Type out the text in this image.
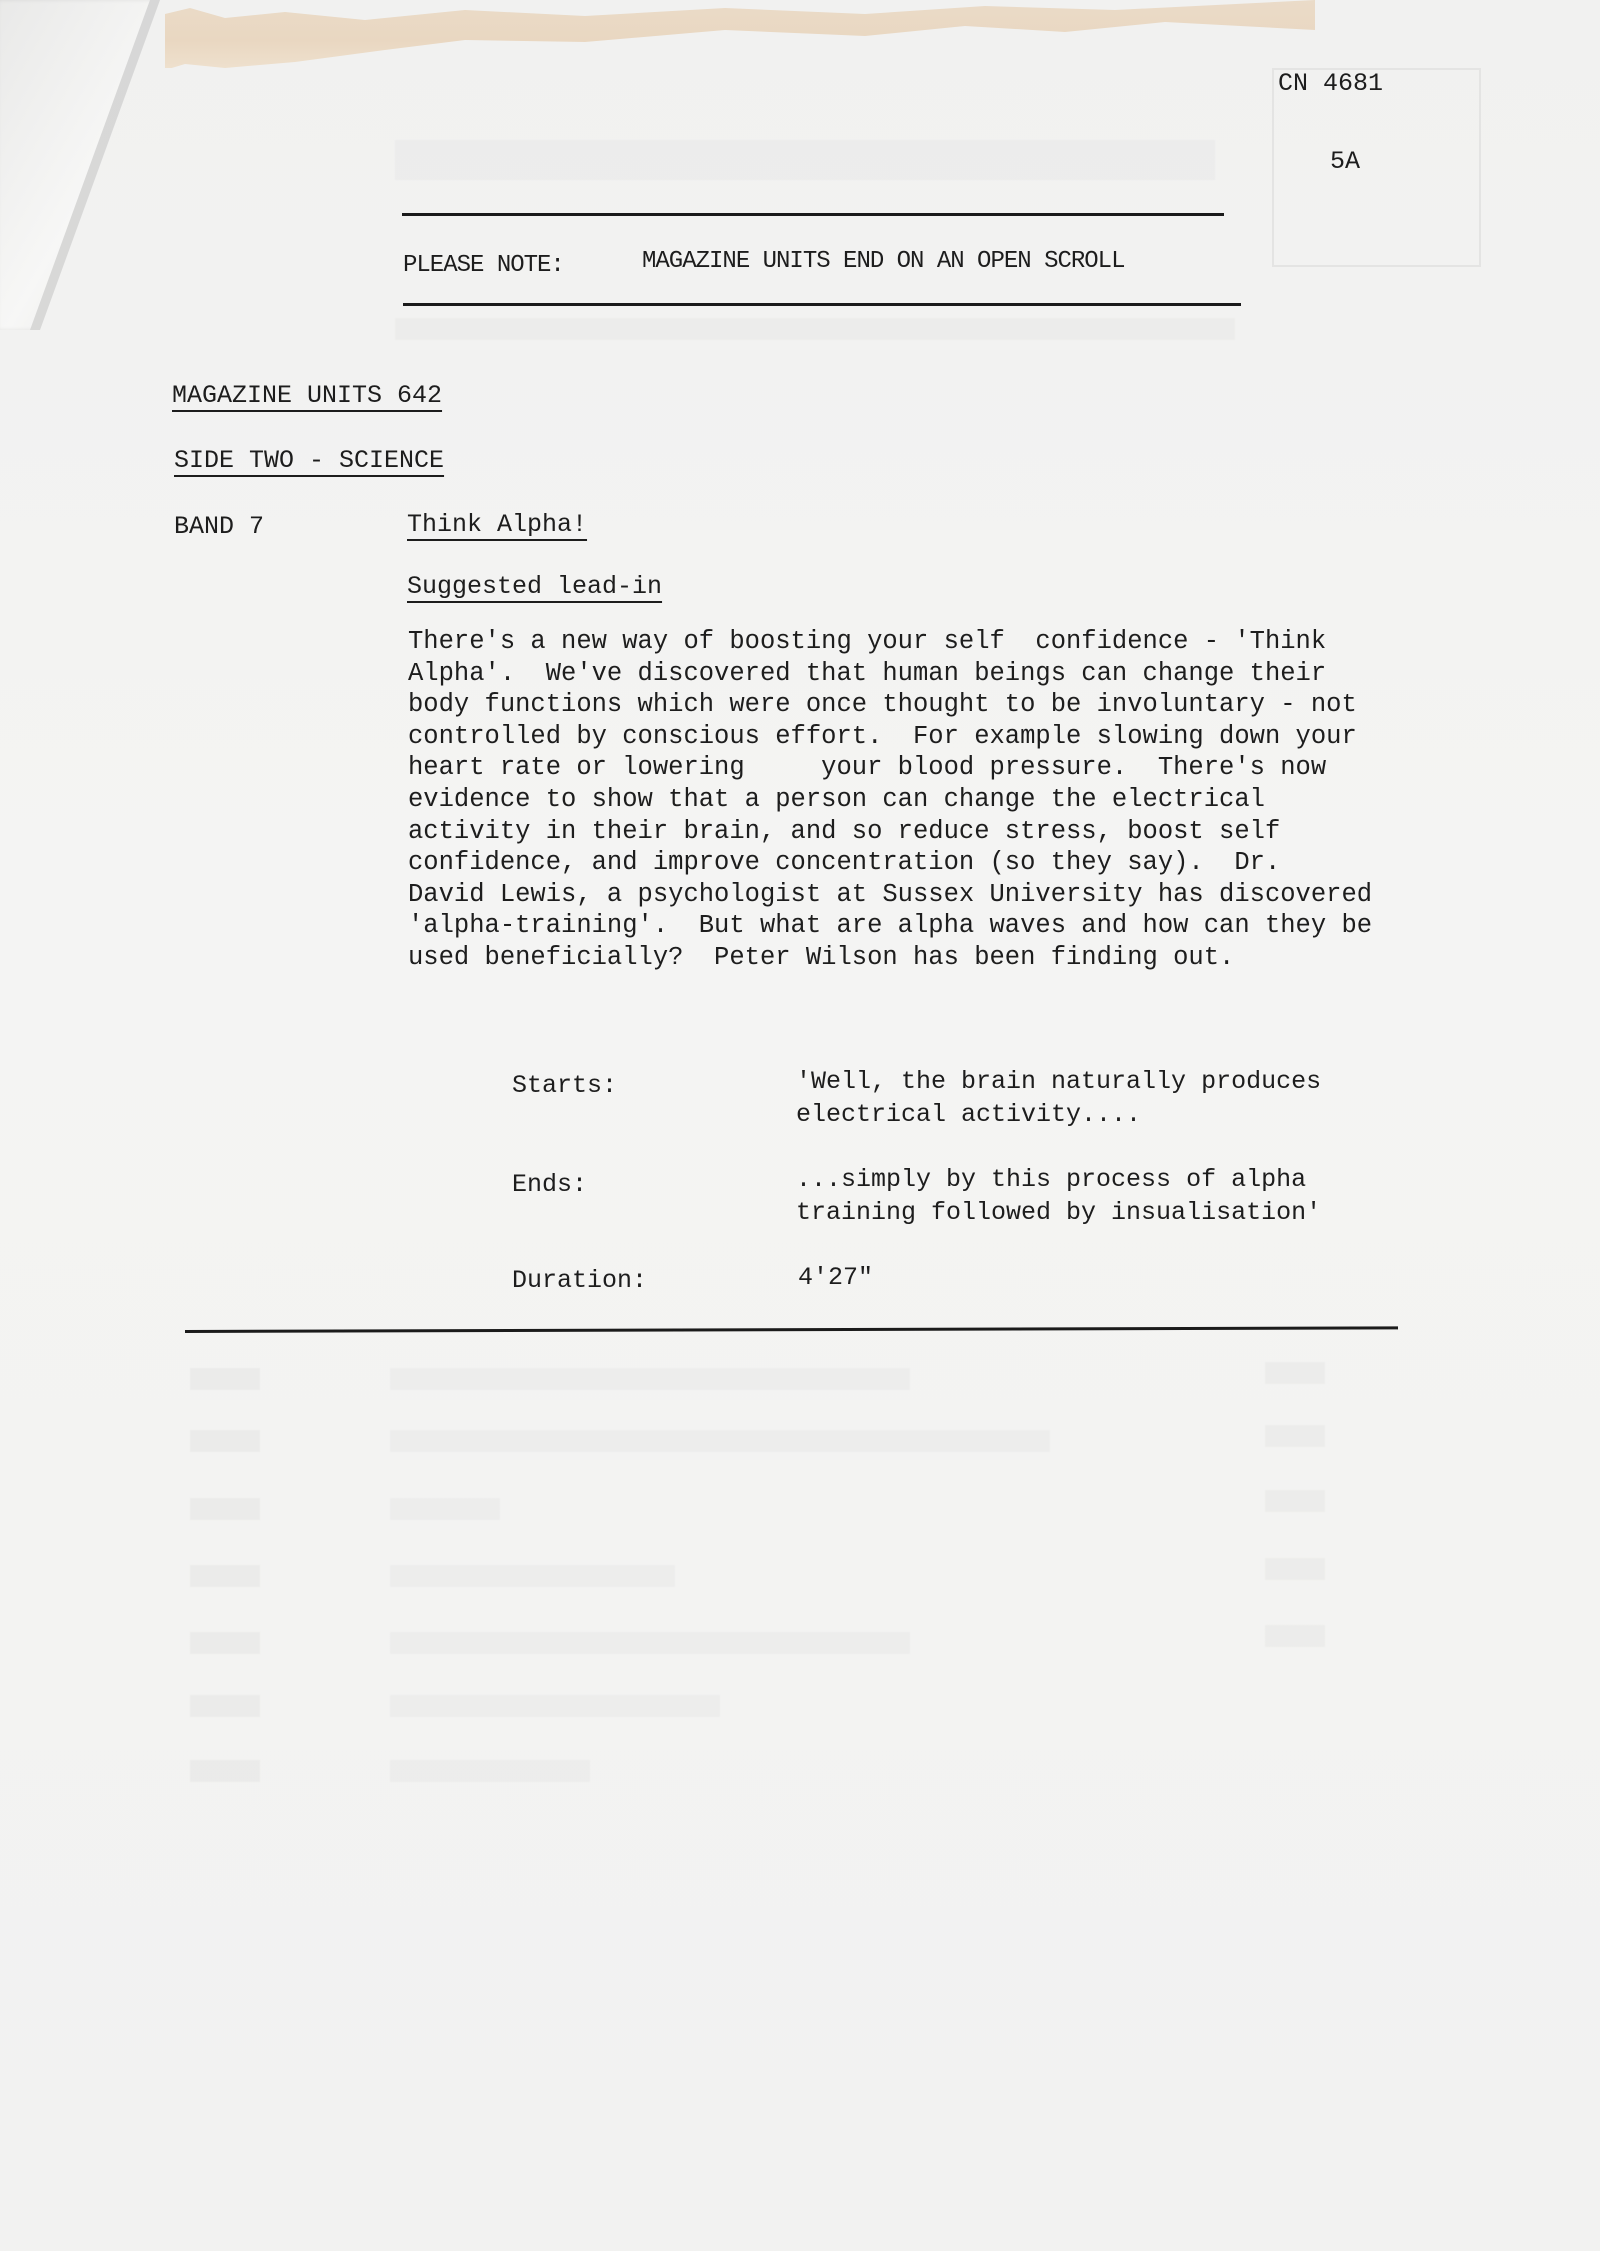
CN 4681
5A
PLEASE NOTE:	MAGAZINE UNITS END ON AN OPEN SCROLL
MAGAZINE UNITS 642
SIDE TWO - SCIENCE
BAND 7	Think Alpha!
Suggested lead-in
There's a new way of boosting your self  confidence - 'Think
Alpha'.  We've discovered that human beings can change their
body functions which were once thought to be involuntary - not
controlled by conscious effort.  For example slowing down your
heart rate or lowering     your blood pressure.  There's now
evidence to show that a person can change the electrical
activity in their brain, and so reduce stress, boost self
confidence, and improve concentration (so they say).  Dr.
David Lewis, a psychologist at Sussex University has discovered
'alpha-training'.  But what are alpha waves and how can they be
used beneficially?  Peter Wilson has been finding out.
Starts:	'Well, the brain naturally produces
electrical activity....
Ends:	...simply by this process of alpha
training followed by insualisation'
Duration:	4'27"
